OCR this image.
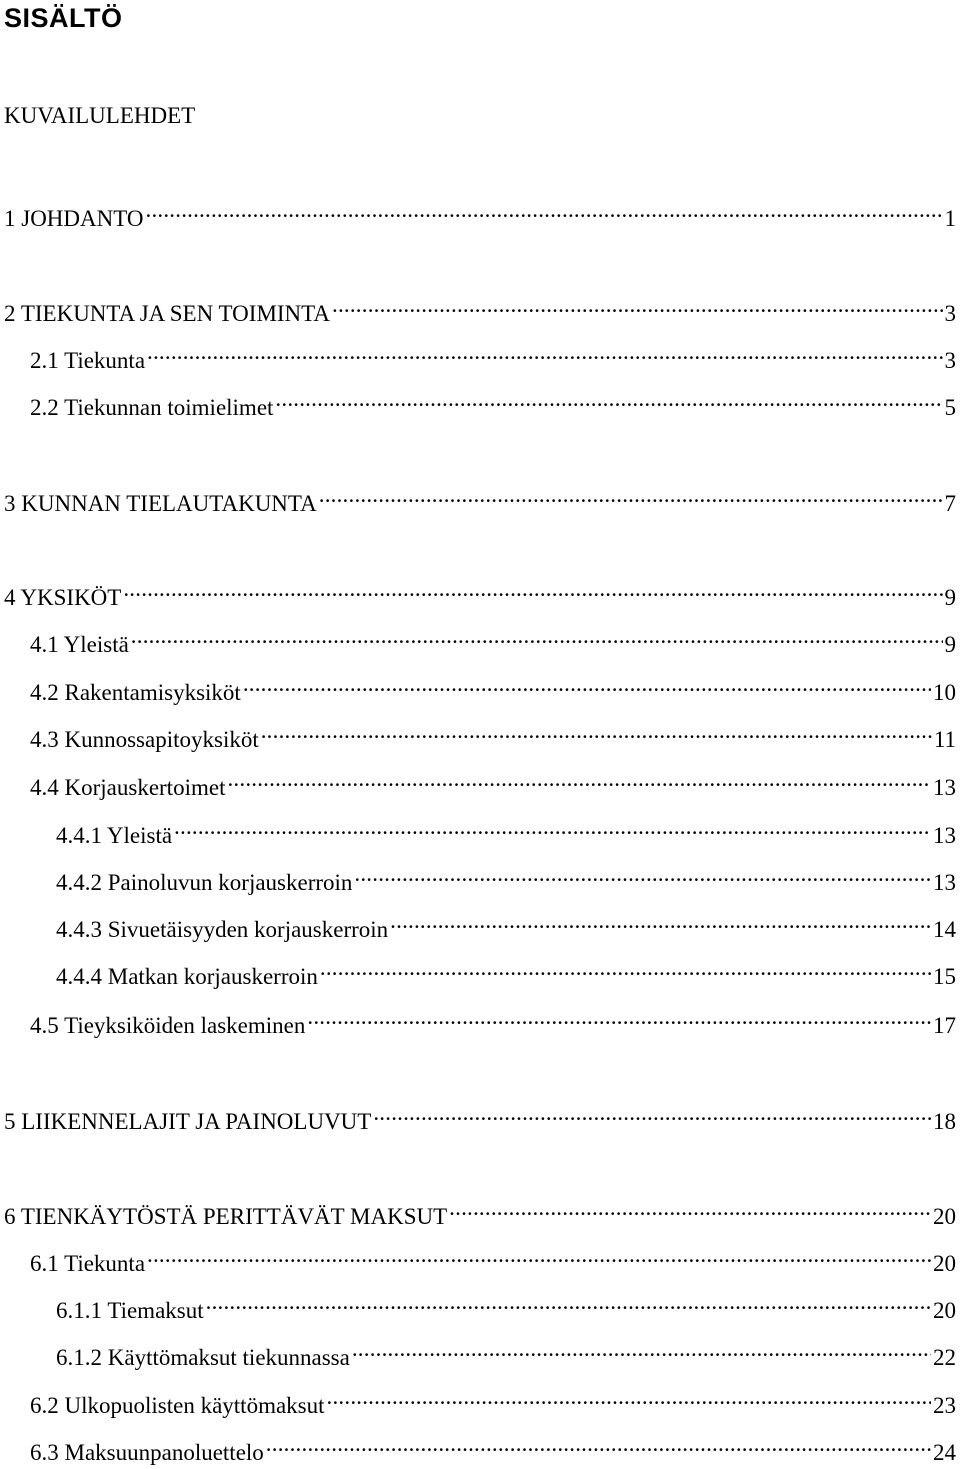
SISÄLTÖ
KUVAILULEHDET
1 JOHDANTO .....	1
2 TIEKUNTA JA SEN TOIMINTA .....	3
2.1 Tiekunta .....	3
2.2 Tiekunnan toimielimet .....	5
3 KUNNAN TIELAUTAKUNTA .....	7
4 YKSIKÖT .....	9
4.1 Yleistä .....	9
4.2 Rakentamisyksiköt .....	10
4.3 Kunnossapitoyksiköt .....	11
4.4 Korjauskertoimet .....	13
4.4.1 Yleistä .....	13
4.4.2 Painoluvun korjauskerroin .....	13
4.4.3 Sivuetäisyyden korjauskerroin .....	14
4.4.4 Matkan korjauskerroin .....	15
4.5 Tieyksiköiden laskeminen .....	17
5 LIIKENNELAJIT JA PAINOLUVUT .....	18
6 TIENKÄYTÖSTÄ PERITTÄVÄT MAKSUT .....	20
6.1 Tiekunta .....	20
6.1.1 Tiemaksut .....	20
6.1.2 Käyttömaksut tiekunnassa .....	22
6.2 Ulkopuolisten käyttömaksut .....	23
6.3 Maksuunpanoluettelo .....	24
